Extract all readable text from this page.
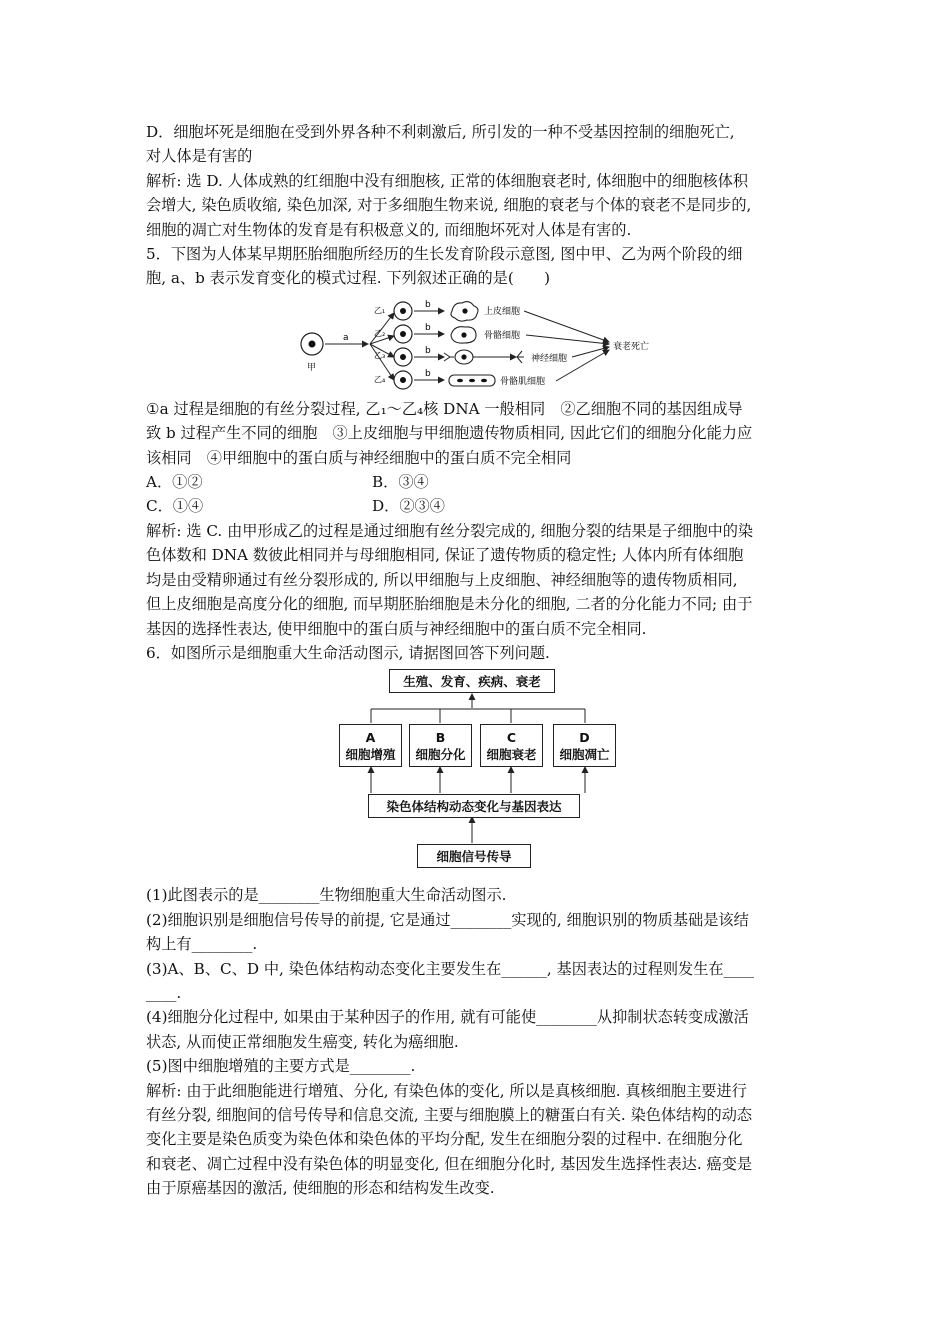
D．细胞坏死是细胞在受到外界各种不利刺激后, 所引发的一种不受基因控制的细胞死亡,

对人体是有害的

解析: 选 D. 人体成熟的红细胞中没有细胞核, 正常的体细胞衰老时, 体细胞中的细胞核体积

会增大, 染色质收缩, 染色加深, 对于多细胞生物来说, 细胞的衰老与个体的衰老不是同步的,

细胞的凋亡对生物体的发育是有积极意义的, 而细胞坏死对人体是有害的.

5．下图为人体某早期胚胎细胞所经历的生长发育阶段示意图, 图中甲、乙为两个阶段的细

胞, a、b 表示发育变化的模式过程. 下列叙述正确的是(　　)

甲
a
乙₁
乙₂
乙₃
乙₄
b
b
b
b
上皮细胞
骨骼细胞
神经细胞
骨骼肌细胞
衰老死亡

①a 过程是细胞的有丝分裂过程, 乙₁～乙₄核 DNA 一般相同　②乙细胞不同的基因组成导

致 b 过程产生不同的细胞　③上皮细胞与甲细胞遗传物质相同, 因此它们的细胞分化能力应

该相同　④甲细胞中的蛋白质与神经细胞中的蛋白质不完全相同

A．①②	B．③④
C．①④	D．②③④

解析: 选 C. 由甲形成乙的过程是通过细胞有丝分裂完成的, 细胞分裂的结果是子细胞中的染

色体数和 DNA 数彼此相同并与母细胞相同, 保证了遗传物质的稳定性; 人体内所有体细胞

均是由受精卵通过有丝分裂形成的, 所以甲细胞与上皮细胞、神经细胞等的遗传物质相同,

但上皮细胞是高度分化的细胞, 而早期胚胎细胞是未分化的细胞, 二者的分化能力不同; 由于

基因的选择性表达, 使甲细胞中的蛋白质与神经细胞中的蛋白质不完全相同.

6．如图所示是细胞重大生命活动图示, 请据图回答下列问题.

生殖、发育、疾病、衰老
A
细胞增殖
B
细胞分化
C
细胞衰老
D
细胞凋亡
染色体结构动态变化与基因表达
细胞信号传导

(1)此图表示的是________生物细胞重大生命活动图示.

(2)细胞识别是细胞信号传导的前提, 它是通过________实现的, 细胞识别的物质基础是该结

构上有________.

(3)A、B、C、D 中, 染色体结构动态变化主要发生在______, 基因表达的过程则发生在____

____.

(4)细胞分化过程中, 如果由于某种因子的作用, 就有可能使________从抑制状态转变成激活

状态, 从而使正常细胞发生癌变, 转化为癌细胞.

(5)图中细胞增殖的主要方式是________.

解析: 由于此细胞能进行增殖、分化, 有染色体的变化, 所以是真核细胞. 真核细胞主要进行

有丝分裂, 细胞间的信号传导和信息交流, 主要与细胞膜上的糖蛋白有关. 染色体结构的动态

变化主要是染色质变为染色体和染色体的平均分配, 发生在细胞分裂的过程中. 在细胞分化

和衰老、凋亡过程中没有染色体的明显变化, 但在细胞分化时, 基因发生选择性表达. 癌变是

由于原癌基因的激活, 使细胞的形态和结构发生改变.
